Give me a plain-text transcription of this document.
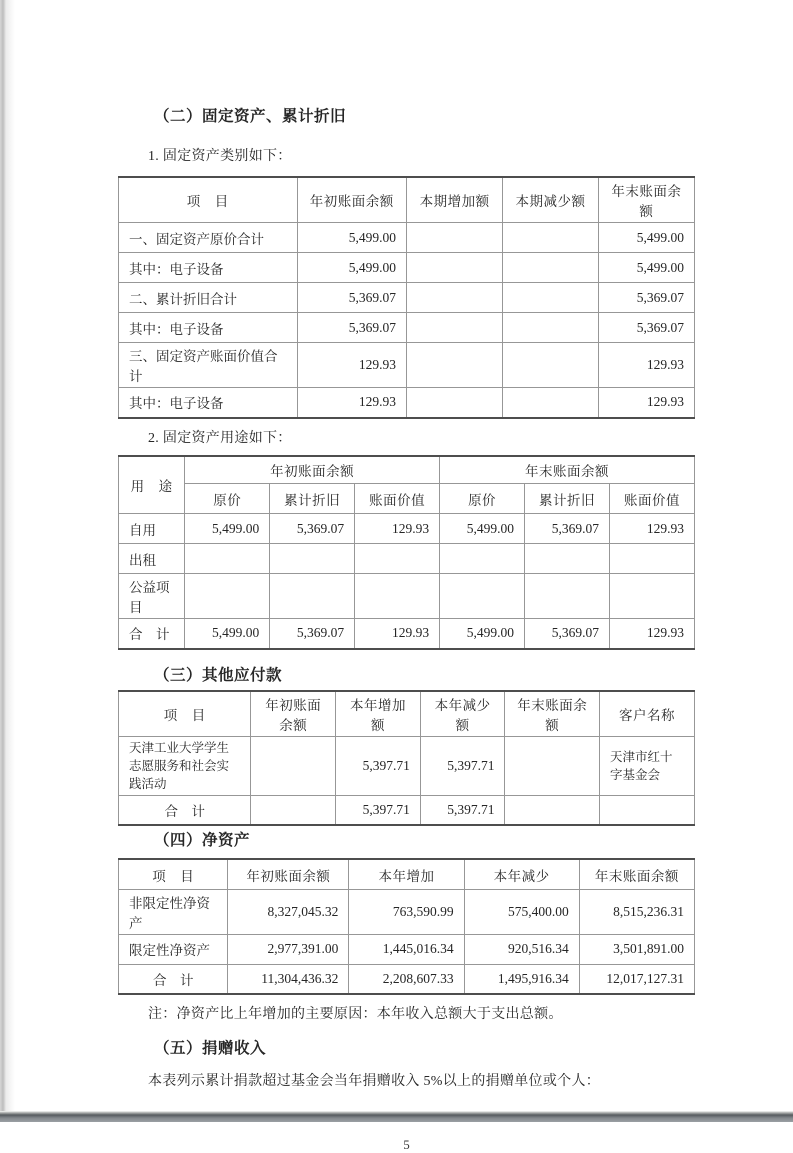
（二）固定资产、累计折旧
1. 固定资产类别如下：
项　目	年初账面余额	本期增加额	本期减少额	年末账面余额
一、固定资产原价合计	5,499.00			5,499.00
其中：电子设备	5,499.00			5,499.00
二、累计折旧合计	5,369.07			5,369.07
其中：电子设备	5,369.07			5,369.07
三、固定资产账面价值合计	129.93			129.93
其中：电子设备	129.93			129.93
2. 固定资产用途如下：
用　途	年初账面余额			年末账面余额		
	原价	累计折旧	账面价值	原价	累计折旧	账面价值
自用	5,499.00	5,369.07	129.93	5,499.00	5,369.07	129.93
出租						
公益项目						
合　计	5,499.00	5,369.07	129.93	5,499.00	5,369.07	129.93
（三）其他应付款
项　目	年初账面余额	本年增加额	本年减少额	年末账面余额	客户名称
天津工业大学学生志愿服务和社会实践活动		5,397.71	5,397.71		天津市红十字基金会
合　计		5,397.71	5,397.71		
（四）净资产
项　目	年初账面余额	本年增加	本年减少	年末账面余额
非限定性净资产	8,327,045.32	763,590.99	575,400.00	8,515,236.31
限定性净资产	2,977,391.00	1,445,016.34	920,516.34	3,501,891.00
合　计	11,304,436.32	2,208,607.33	1,495,916.34	12,017,127.31
注：净资产比上年增加的主要原因：本年收入总额大于支出总额。
（五）捐赠收入
本表列示累计捐款超过基金会当年捐赠收入 5%以上的捐赠单位或个人：
5
